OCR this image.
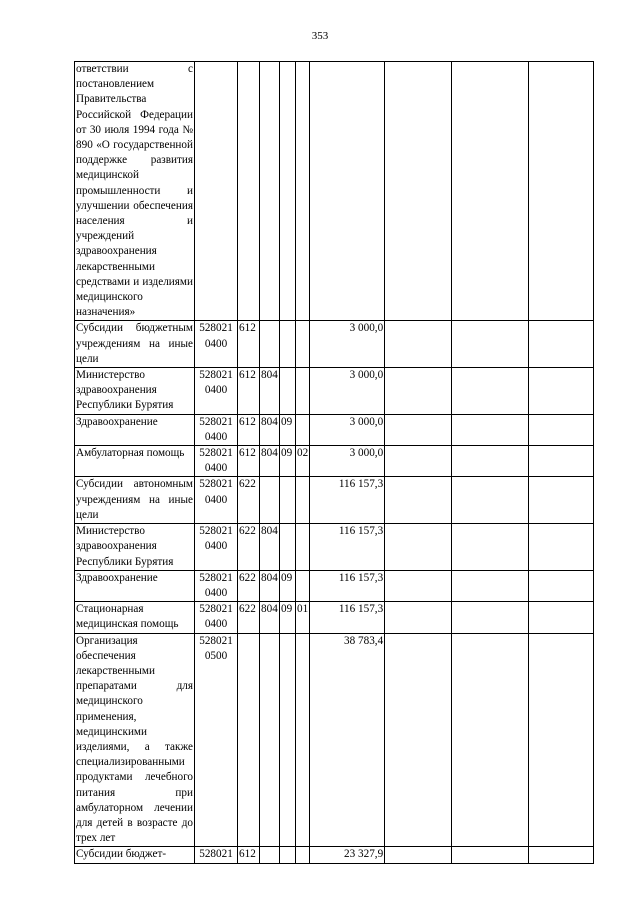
353
ответствии с постановлением Правительства Российской Федерации от 30 июля 1994 года № 890 «О государственной поддержке развития медицинской промышленности и улучшении обеспечения населения и учреждений здравоохранения лекарственными средствами и изделиями медицинского назначения»									
Субсидии бюджетным учреждениям на иные цели	528021 0400	612				3 000,0			
Министерство здравоохранения Республики Бурятия	528021 0400	612	804			3 000,0			
Здравоохранение	528021 0400	612	804	09		3 000,0			
Амбулаторная помощь	528021 0400	612	804	09	02	3 000,0			
Субсидии автономным учреждениям на иные цели	528021 0400	622				116 157,3			
Министерство здравоохранения Республики Бурятия	528021 0400	622	804			116 157,3			
Здравоохранение	528021 0400	622	804	09		116 157,3			
Стационарная медицинская помощь	528021 0400	622	804	09	01	116 157,3			
Организация обеспечения лекарственными препаратами для медицинского применения, медицинскими изделиями, а также специализированными продуктами лечебного питания при амбулаторном лечении для детей в возрасте до трех лет	528021 0500					38 783,4			
Субсидии бюджет-	528021	612				23 327,9			
